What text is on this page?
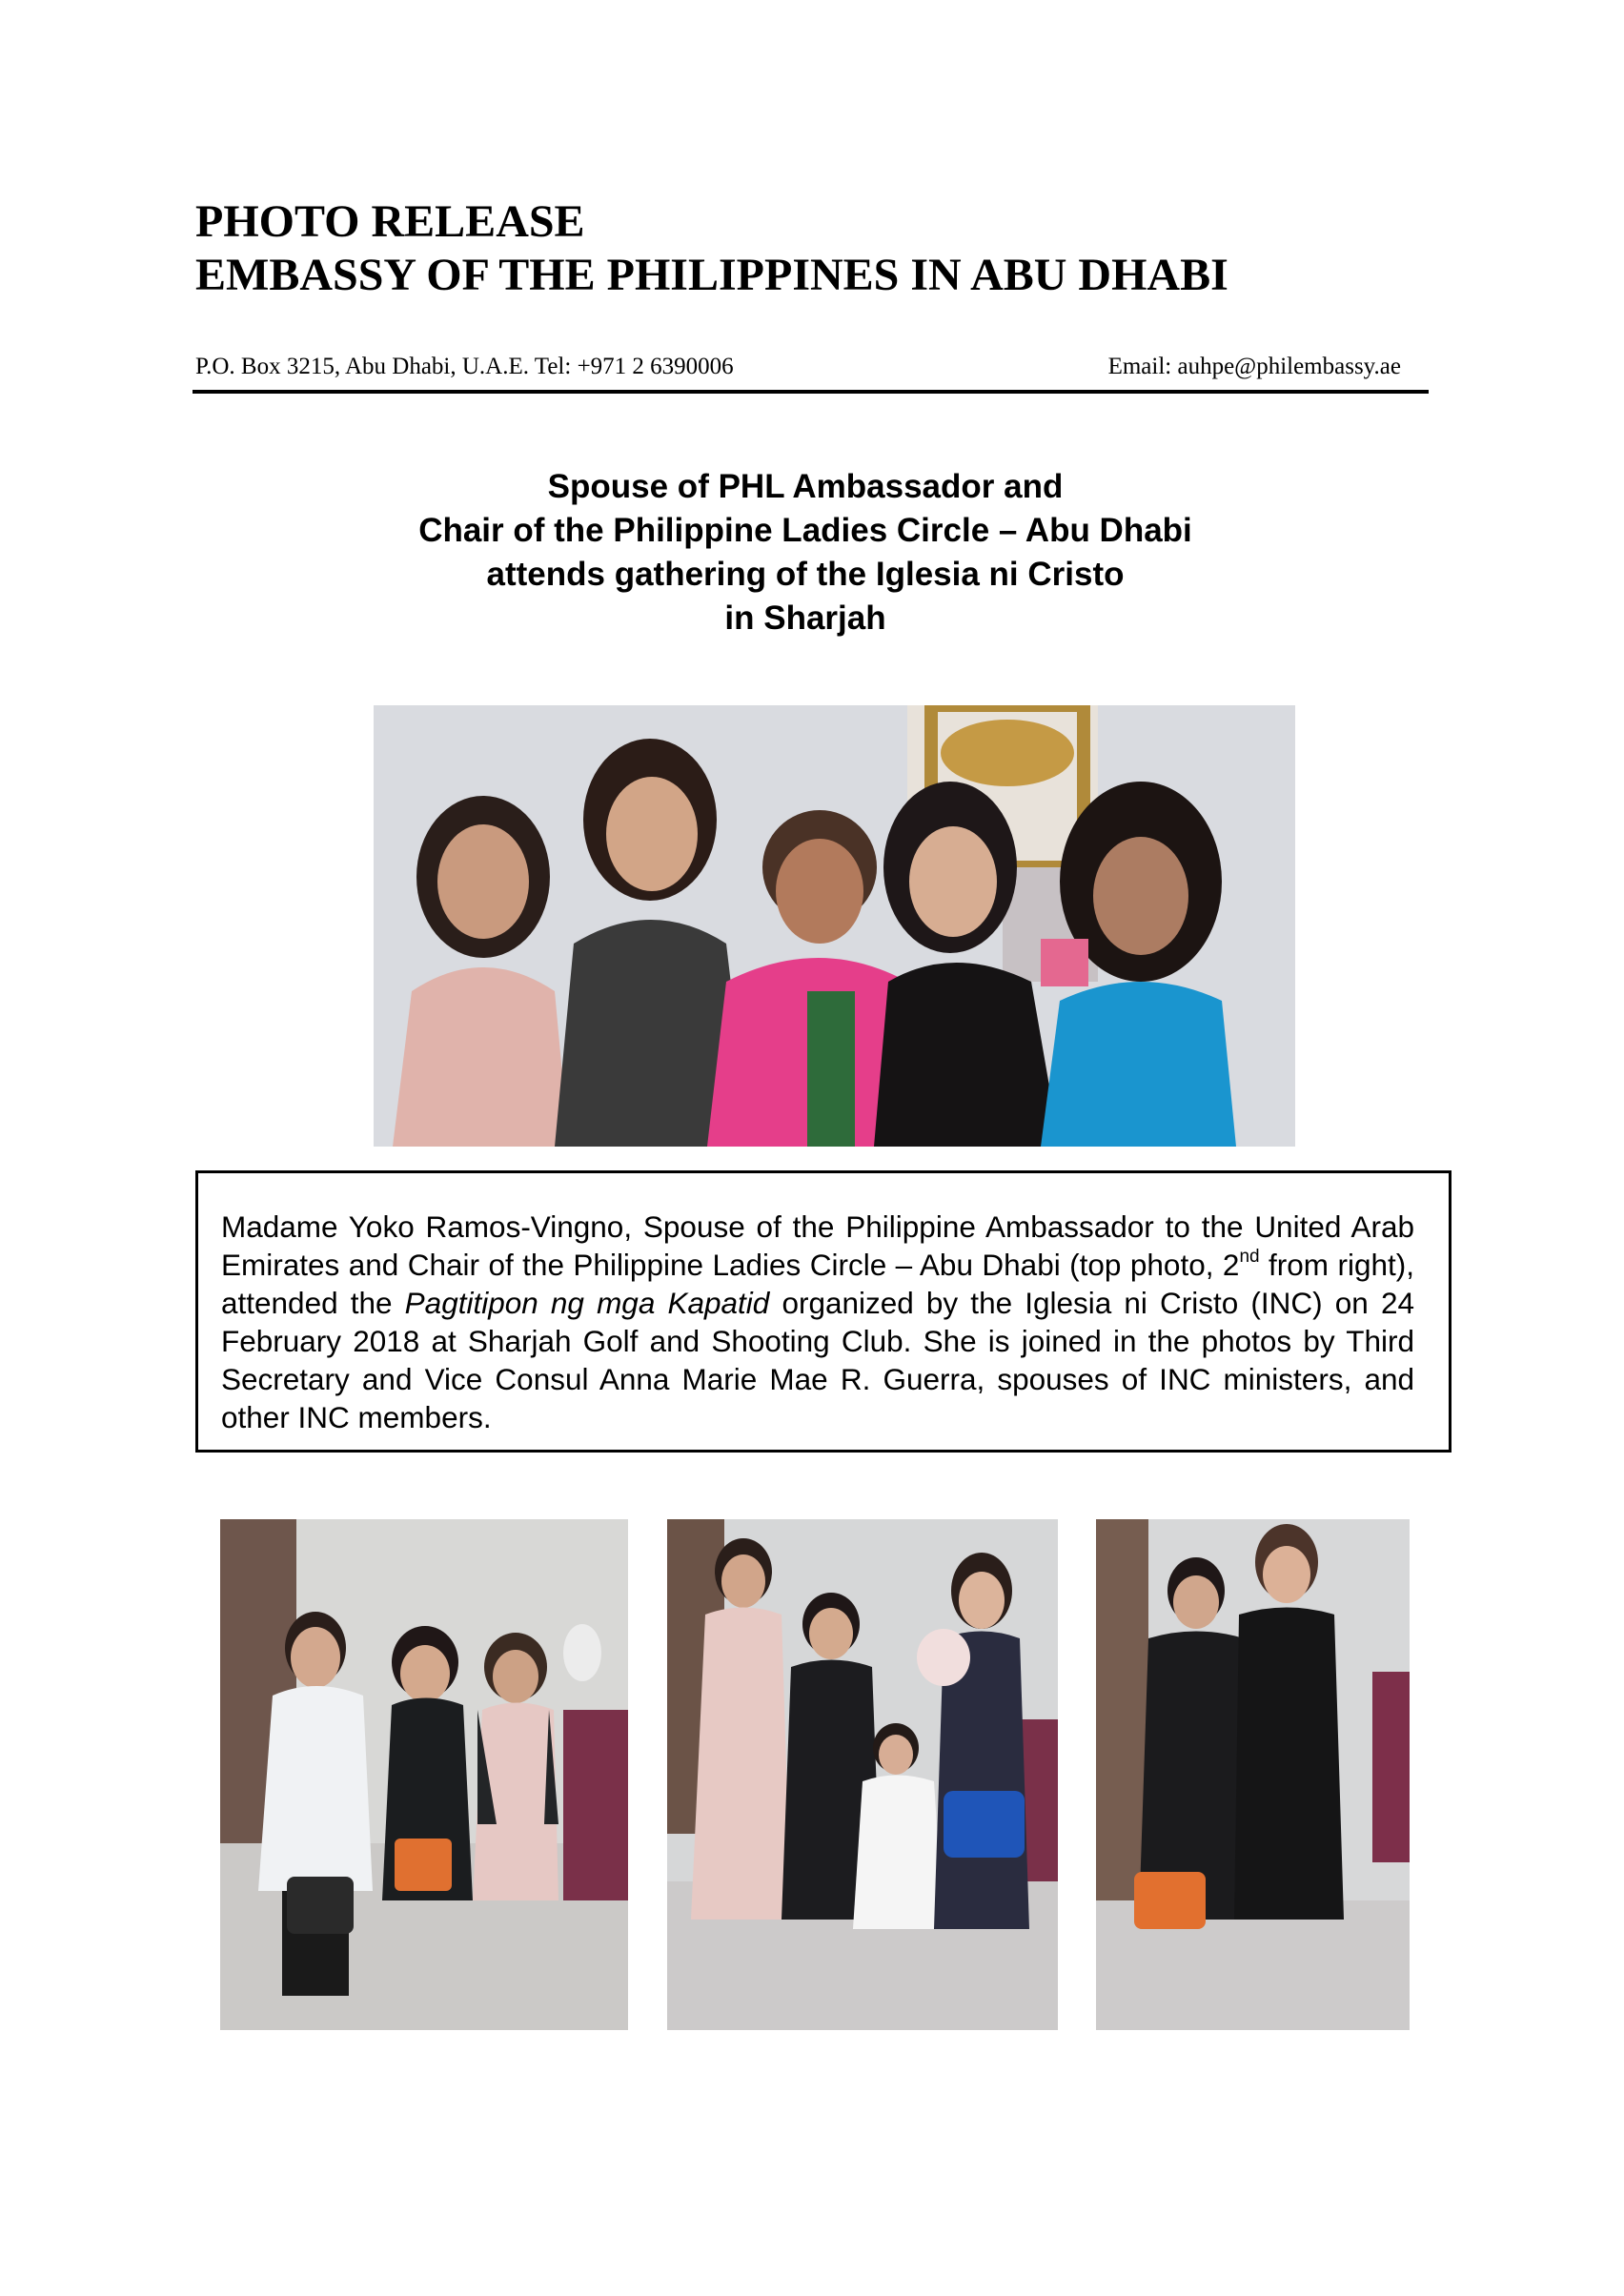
PHOTO RELEASE
EMBASSY OF THE PHILIPPINES IN ABU DHABI
P.O. Box 3215, Abu Dhabi, U.A.E. Tel: +971 2 6390006	Email: auhpe@philembassy.ae
Spouse of PHL Ambassador and
Chair of the Philippine Ladies Circle – Abu Dhabi
attends gathering of the Iglesia ni Cristo
in Sharjah
Madame Yoko Ramos-Vingno, Spouse of the Philippine Ambassador to the United Arab Emirates and Chair of the Philippine Ladies Circle – Abu Dhabi (top photo, 2nd from right), attended the Pagtitipon ng mga Kapatid organized by the Iglesia ni Cristo (INC) on 24 February 2018 at Sharjah Golf and Shooting Club. She is joined in the photos by Third Secretary and Vice Consul Anna Marie Mae R. Guerra, spouses of INC ministers, and other INC members.
